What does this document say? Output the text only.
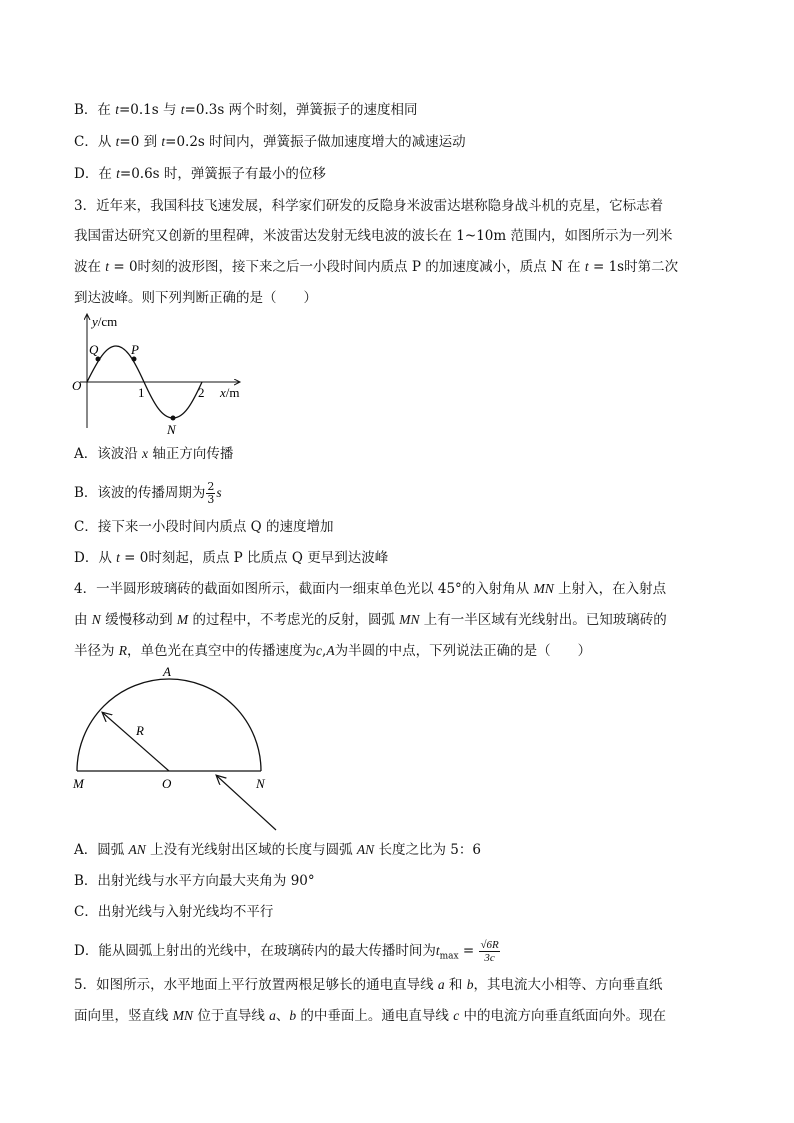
B．在 t=0.1s 与 t=0.3s 两个时刻，弹簧振子的速度相同
C．从 t=0 到 t=0.2s 时间内，弹簧振子做加速度增大的减速运动
D．在 t=0.6s 时，弹簧振子有最小的位移
3．近年来，我国科技飞速发展，科学家们研发的反隐身米波雷达堪称隐身战斗机的克星，它标志着
我国雷达研究又创新的里程碑，米波雷达发射无线电波的波长在 1~10m 范围内，如图所示为一列米
波在 t = 0时刻的波形图，接下来之后一小段时间内质点 P 的加速度减小，质点 N 在 t = 1s时第二次
到达波峰。则下列判断正确的是（　　）
y/cm
O
Q	P
N
1	2 x/m
A．该波沿 x 轴正方向传播
B．该波的传播周期为 $\frac{2}{3}$ s
C．接下来一小段时间内质点 Q 的速度增加
D．从 t = 0时刻起，质点 P 比质点 Q 更早到达波峰
4．一半圆形玻璃砖的截面如图所示，截面内一细束单色光以 45°的入射角从 MN 上射入，在入射点
由 N 缓慢移动到 M 的过程中，不考虑光的反射，圆弧 MN 上有一半区域有光线射出。已知玻璃砖的
半径为 R，单色光在真空中的传播速度为c,A为半圆的中点，下列说法正确的是（　　）
A
R
M	O	N
A．圆弧 AN 上没有光线射出区域的长度与圆弧 AN 长度之比为 5：6
B．出射光线与水平方向最大夹角为 90°
C．出射光线与入射光线均不平行
D．能从圆弧上射出的光线中，在玻璃砖内的最大传播时间为$t_{max} = \frac{√6R}{3c}$
5．如图所示，水平地面上平行放置两根足够长的通电直导线 a 和 b，其电流大小相等、方向垂直纸
面向里，竖直线 MN 位于直导线 a、b 的中垂面上。通电直导线 c 中的电流方向垂直纸面向外。现在
